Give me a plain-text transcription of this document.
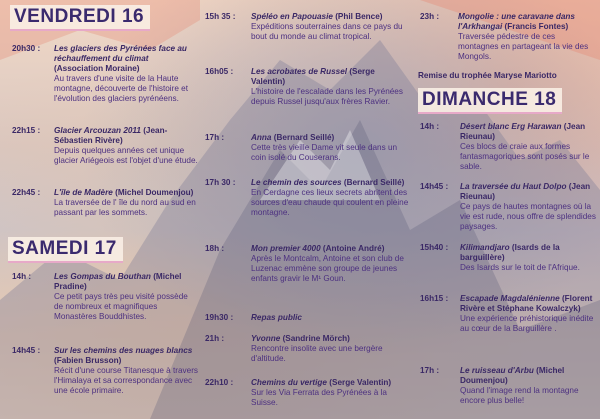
VENDREDI 16
20h30 : Les glaciers des Pyrénées face au réchauffement du climat (Association Moraine)
Au travers d'une visite de la Haute montagne, découverte de l'histoire et l'évolution des glaciers pyrénéens.
22h15 : Glacier Arcouzan 2011 (Jean-Sébastien Rivère)
Depuis quelques années cet unique glacier Ariégeois est l'objet d'une étude.
22h45 : L'île de Madère (Michel Doumenjou)
La traversée de l' île du nord au sud en passant par les sommets.
SAMEDI 17
14h :	Les Gompas du Bouthan (Michel Pradine)
Ce petit pays très peu visité possède de nombreux et magnifiques Monastères Bouddhistes.
14h45 : Sur les chemins des nuages blancs (Fabien Brusson)
Récit d'une course Titanesque à travers l'Himalaya et sa correspondance avec une école primaire.
15h 35 : Spéléo en Papouasie (Phil Bence)
Expéditions souterraines dans ce pays du bout du monde au climat tropical.
16h05 : Les acrobates de Russel (Serge Valentin)
L'histoire de l'escalade dans les Pyrénées depuis Russel jusqu'aux frères Ravier.
17h :	Anna (Bernard Seillé)
Cette très vieille Dame vit seule dans un coin isolé du Couserans.
17h 30 : Le chemin des sources (Bernard Seillé)
En Cerdagne ces lieux secrets abritent des sources d'eau chaude qui coulent en pleine montagne.
18h :	Mon premier 4000 (Antoine André)
Après le Montcalm, Antoine et son club de Luzenac emmène son groupe de jeunes enfants gravir le M¹ Goun.
19h30 : Repas public
21h :	Yvonne (Sandrine Mörch)
Rencontre insolite avec une bergère d'altitude.
22h10 : Chemins du vertige (Serge Valentin)
Sur les Via Ferrata des Pyrénées à la Suisse.
23h : Mongolie : une caravane dans l'Arkhangai (Francis Fontes)
Traversée pédestre de ces montagnes en partageant la vie des Mongols.
Remise du trophée Maryse Mariotto
DIMANCHE 18
14h :	Désert blanc Erg Harawan (Jean Rieunau)
Ces blocs de craie aux formes fantasmagoriques sont posés sur le sable.
14h45 : La traversée du Haut Dolpo (Jean Rieunau)
Ce pays de hautes montagnes où la vie est rude, nous offre de splendides paysages.
15h40 : Kilimandjaro (Isards de la barguillère)
Des Isards sur le toit de l'Afrique.
16h15 : Escapade Magdalénienne (Florent Rivère et Stéphane Kowalczyk)
Une expérience préhistorique inédite au cœur de la Barguillère .
17h :	Le ruisseau d'Arbu (Michel Doumenjou)
Quand l'image rend la montagne encore plus belle!
